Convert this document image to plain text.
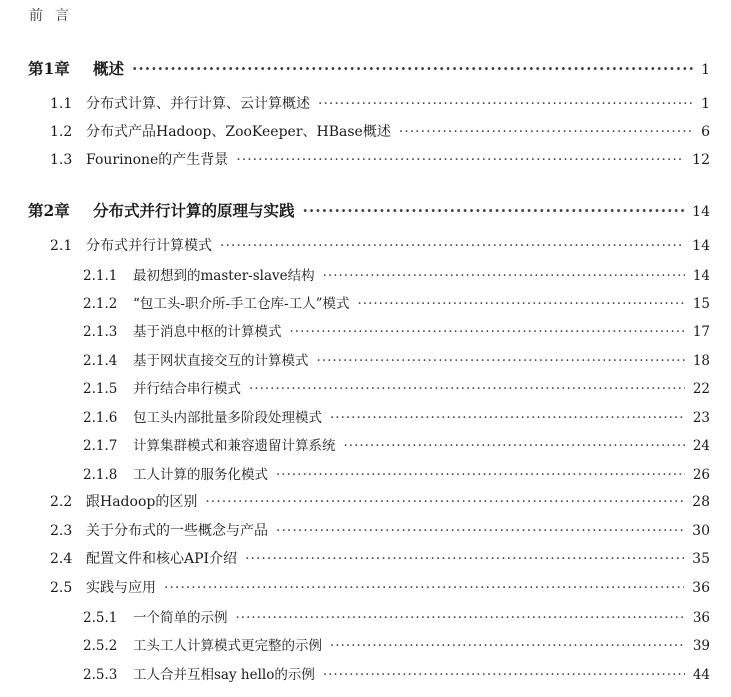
前言
第1章	概述 ·····	1
1.1 分布式计算、并行计算、云计算概述 ·····	1
1.2 分布式产品Hadoop、ZooKeeper、HBase概述 ·····	6
1.3 Fourinone的产生背景 ·····	12
第2章	分布式并行计算的原理与实践 ·····	14
2.1 分布式并行计算模式 ·····	14
2.1.1	最初想到的master-slave结构 ·····	14
2.1.2	“包工头-职介所-手工仓库-工人”模式 ·····	15
2.1.3	基于消息中枢的计算模式 ·····	17
2.1.4	基于网状直接交互的计算模式 ·····	18
2.1.5	并行结合串行模式 ·····	22
2.1.6	包工头内部批量多阶段处理模式 ·····	23
2.1.7	计算集群模式和兼容遗留计算系统 ·····	24
2.1.8	工人计算的服务化模式 ·····	26
2.2 跟Hadoop的区别 ·····	28
2.3 关于分布式的一些概念与产品 ·····	30
2.4 配置文件和核心API介绍 ·····	35
2.5 实践与应用 ·····	36
2.5.1	一个简单的示例 ·····	36
2.5.2	工头工人计算模式更完整的示例 ·····	39
2.5.3	工人合并互相say hello的示例 ·····	44
